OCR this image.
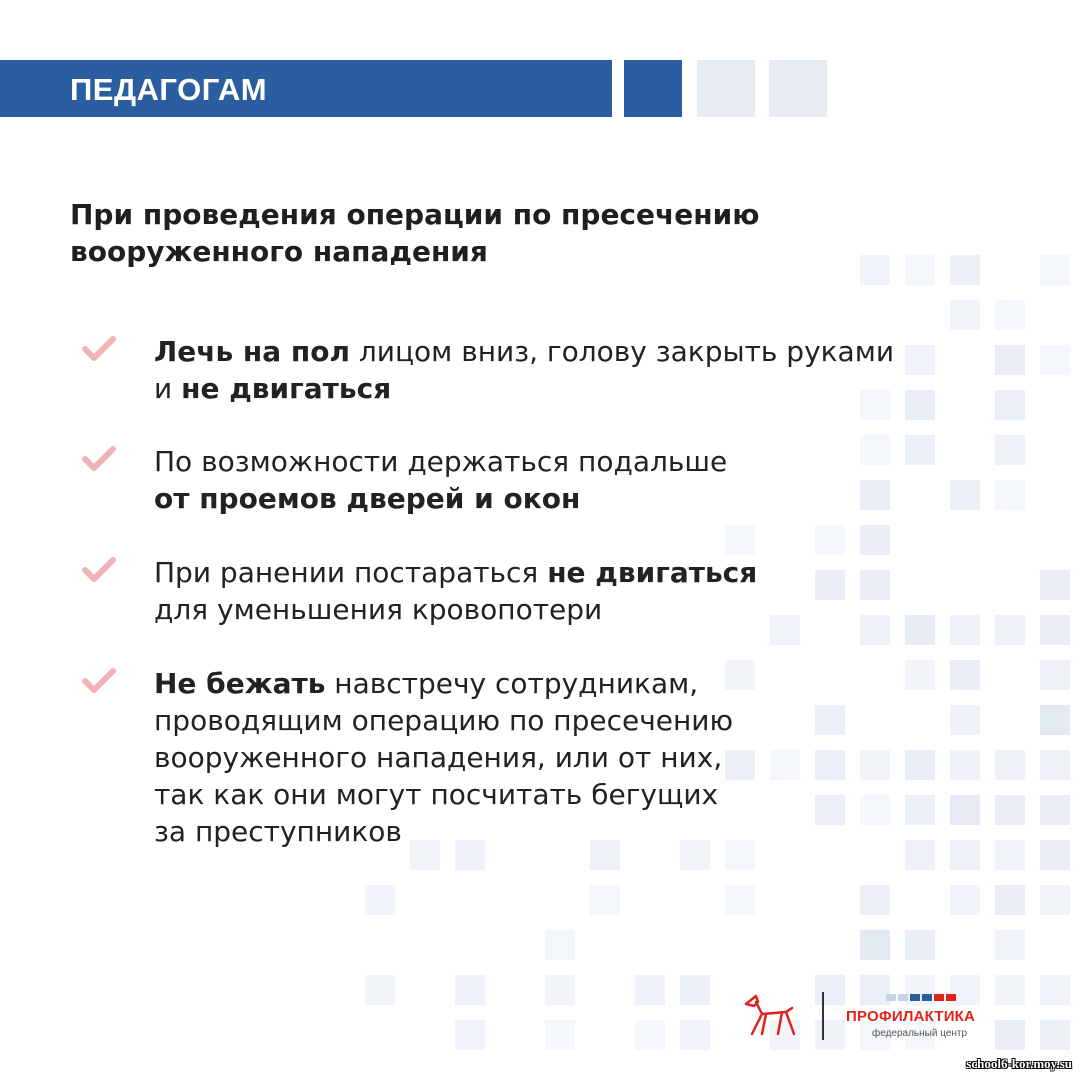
ПЕДАГОГАМ
При проведения операции по пресечению
вооруженного нападения
Лечь на пол лицом вниз, голову закрыть руками
и не двигаться
По возможности держаться подальше
от проемов дверей и окон
При ранении постараться не двигаться
для уменьшения кровопотери
Не бежать навстречу сотрудникам,
проводящим операцию по пресечению
вооруженного нападения, или от них,
так как они могут посчитать бегущих
за преступников
ПРОФИЛАКТИКА
федеральный центр
school6-kor.moy.su
